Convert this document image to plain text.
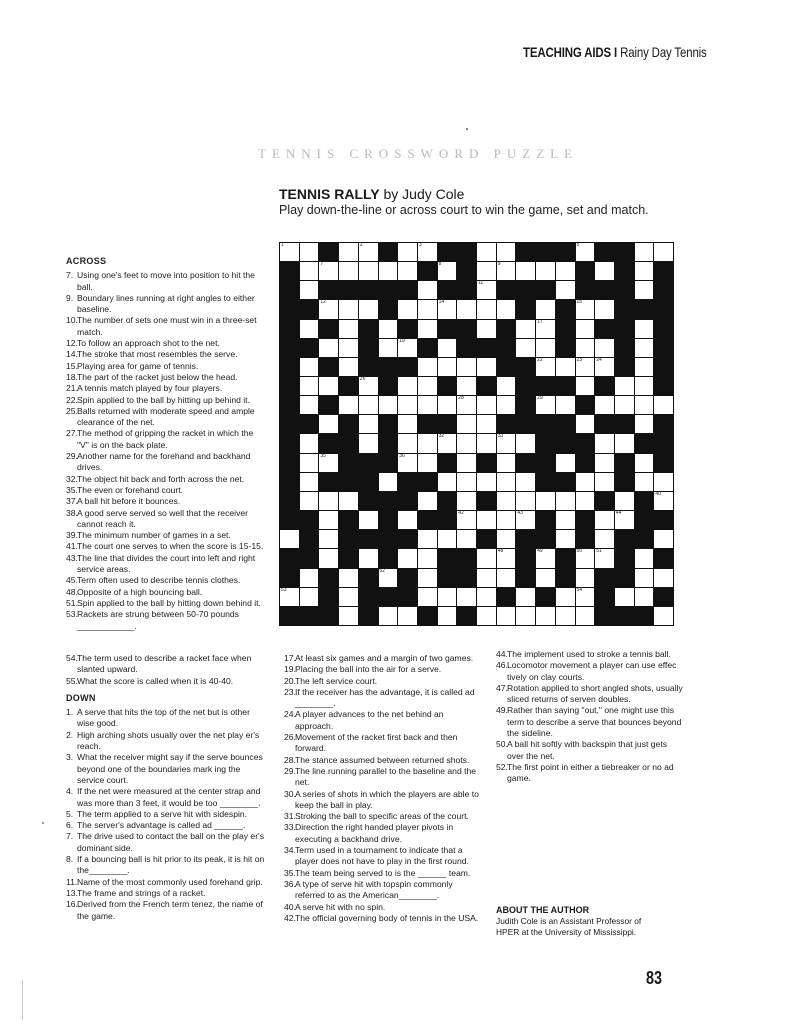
TEACHING AIDS I Rainy Day Tennis
TENNIS CROSSWORD PUZZLE
TENNIS RALLY by Judy Cole
Play down-the-line or across court to win the game, set and match.
1	2	3	5
7	8	9
11
12	14	15
17
19
22	23	24
26
28	29
32	33
35	36
40
42	43	44
48	49	50	51
52
53	54
ACROSS
7. Using one's feet to move into position to hit the ball.
9. Boundary lines running at right angles to either baseline.
10. The number of sets one must win in a three-set match.
12. To follow an approach shot to the net.
14. The stroke that most resembles the serve.
15. Playing area for game of tennis.
18. The part of the racket just below the head.
21. A tennis match played by four players.
22. Spin applied to the ball by hitting up behind it.
25. Balls returned with moderate speed and ample clearance of the net.
27. The method of gripping the racket in which the "V" is on the back plate.
29. Another name for the forehand and backhand drives.
32. The object hit back and forth across the net.
35. The even or forehand court.
37. A ball hit before it bounces.
38. A good serve served so well that the receiver cannot reach it.
39. The minimum number of games in a set.
41. The court one serves to when the score is 15-15.
43. The line that divides the court into left and right service areas.
45. Term often used to describe tennis clothes.
48. Opposite of a high bouncing ball.
51. Spin applied to the ball by hitting down behind it.
53. Rackets are strung between 50-70 pounds ____________.
54. The term used to describe a racket face when slanted upward.
55. What the score is called when it is 40-40.
DOWN
1. A serve that hits the top of the net but is other wise good.
2. High arching shots usually over the net play er's reach.
3. What the receiver might say if the serve bounces beyond one of the boundaries mark ing the service court.
4. If the net were measured at the center strap and was more than 3 feet, it would be too ________.
5. The term applied to a serve hit with sidespin.
6. The server's advantage is called ad ______.
7. The drive used to contact the ball on the play er's dominant side.
8. If a bouncing ball is hit prior to its peak, it is hit on the________.
11. Name of the most commonly used forehand grip.
13. The frame and strings of a racket.
16. Derived from the French term tenez, the name of the game.
17. At least six games and a margin of two games.
19. Placing the ball into the air for a serve.
20. The left service court.
23. If the receiver has the advantage, it is called ad ________.
24. A player advances to the net behind an approach.
26. Movement of the racket first back and then forward.
28. The stance assumed between returned shots.
29. The line running parallel to the baseline and the net.
30. A series of shots in which the players are able to keep the ball in play.
31. Stroking the ball to specific areas of the court.
33. Direction the right handed player pivots in executing a backhand drive.
34. Term used in a tournament to indicate that a player does not have to play in the first round.
35. The team being served to is the ______ team.
36. A type of serve hit with topspin commonly referred to as the American________.
40. A serve hit with no spin.
42. The official governing body of tennis in the USA.
44. The implement used to stroke a tennis ball.
46. Locomotor movement a player can use effec tively on clay courts.
47. Rotation applied to short angled shots, usually sliced returns of serven doubles.
49. Rather than saying "out," one might use this term to describe a serve that bounces beyond the sideline.
50. A ball hit softly with backspin that just gets over the net.
52. The first point in either a tiebreaker or no ad game.
ABOUT THE AUTHOR
Judith Cole is an Assistant Professor of HPER at the University of Mississippi.
83
